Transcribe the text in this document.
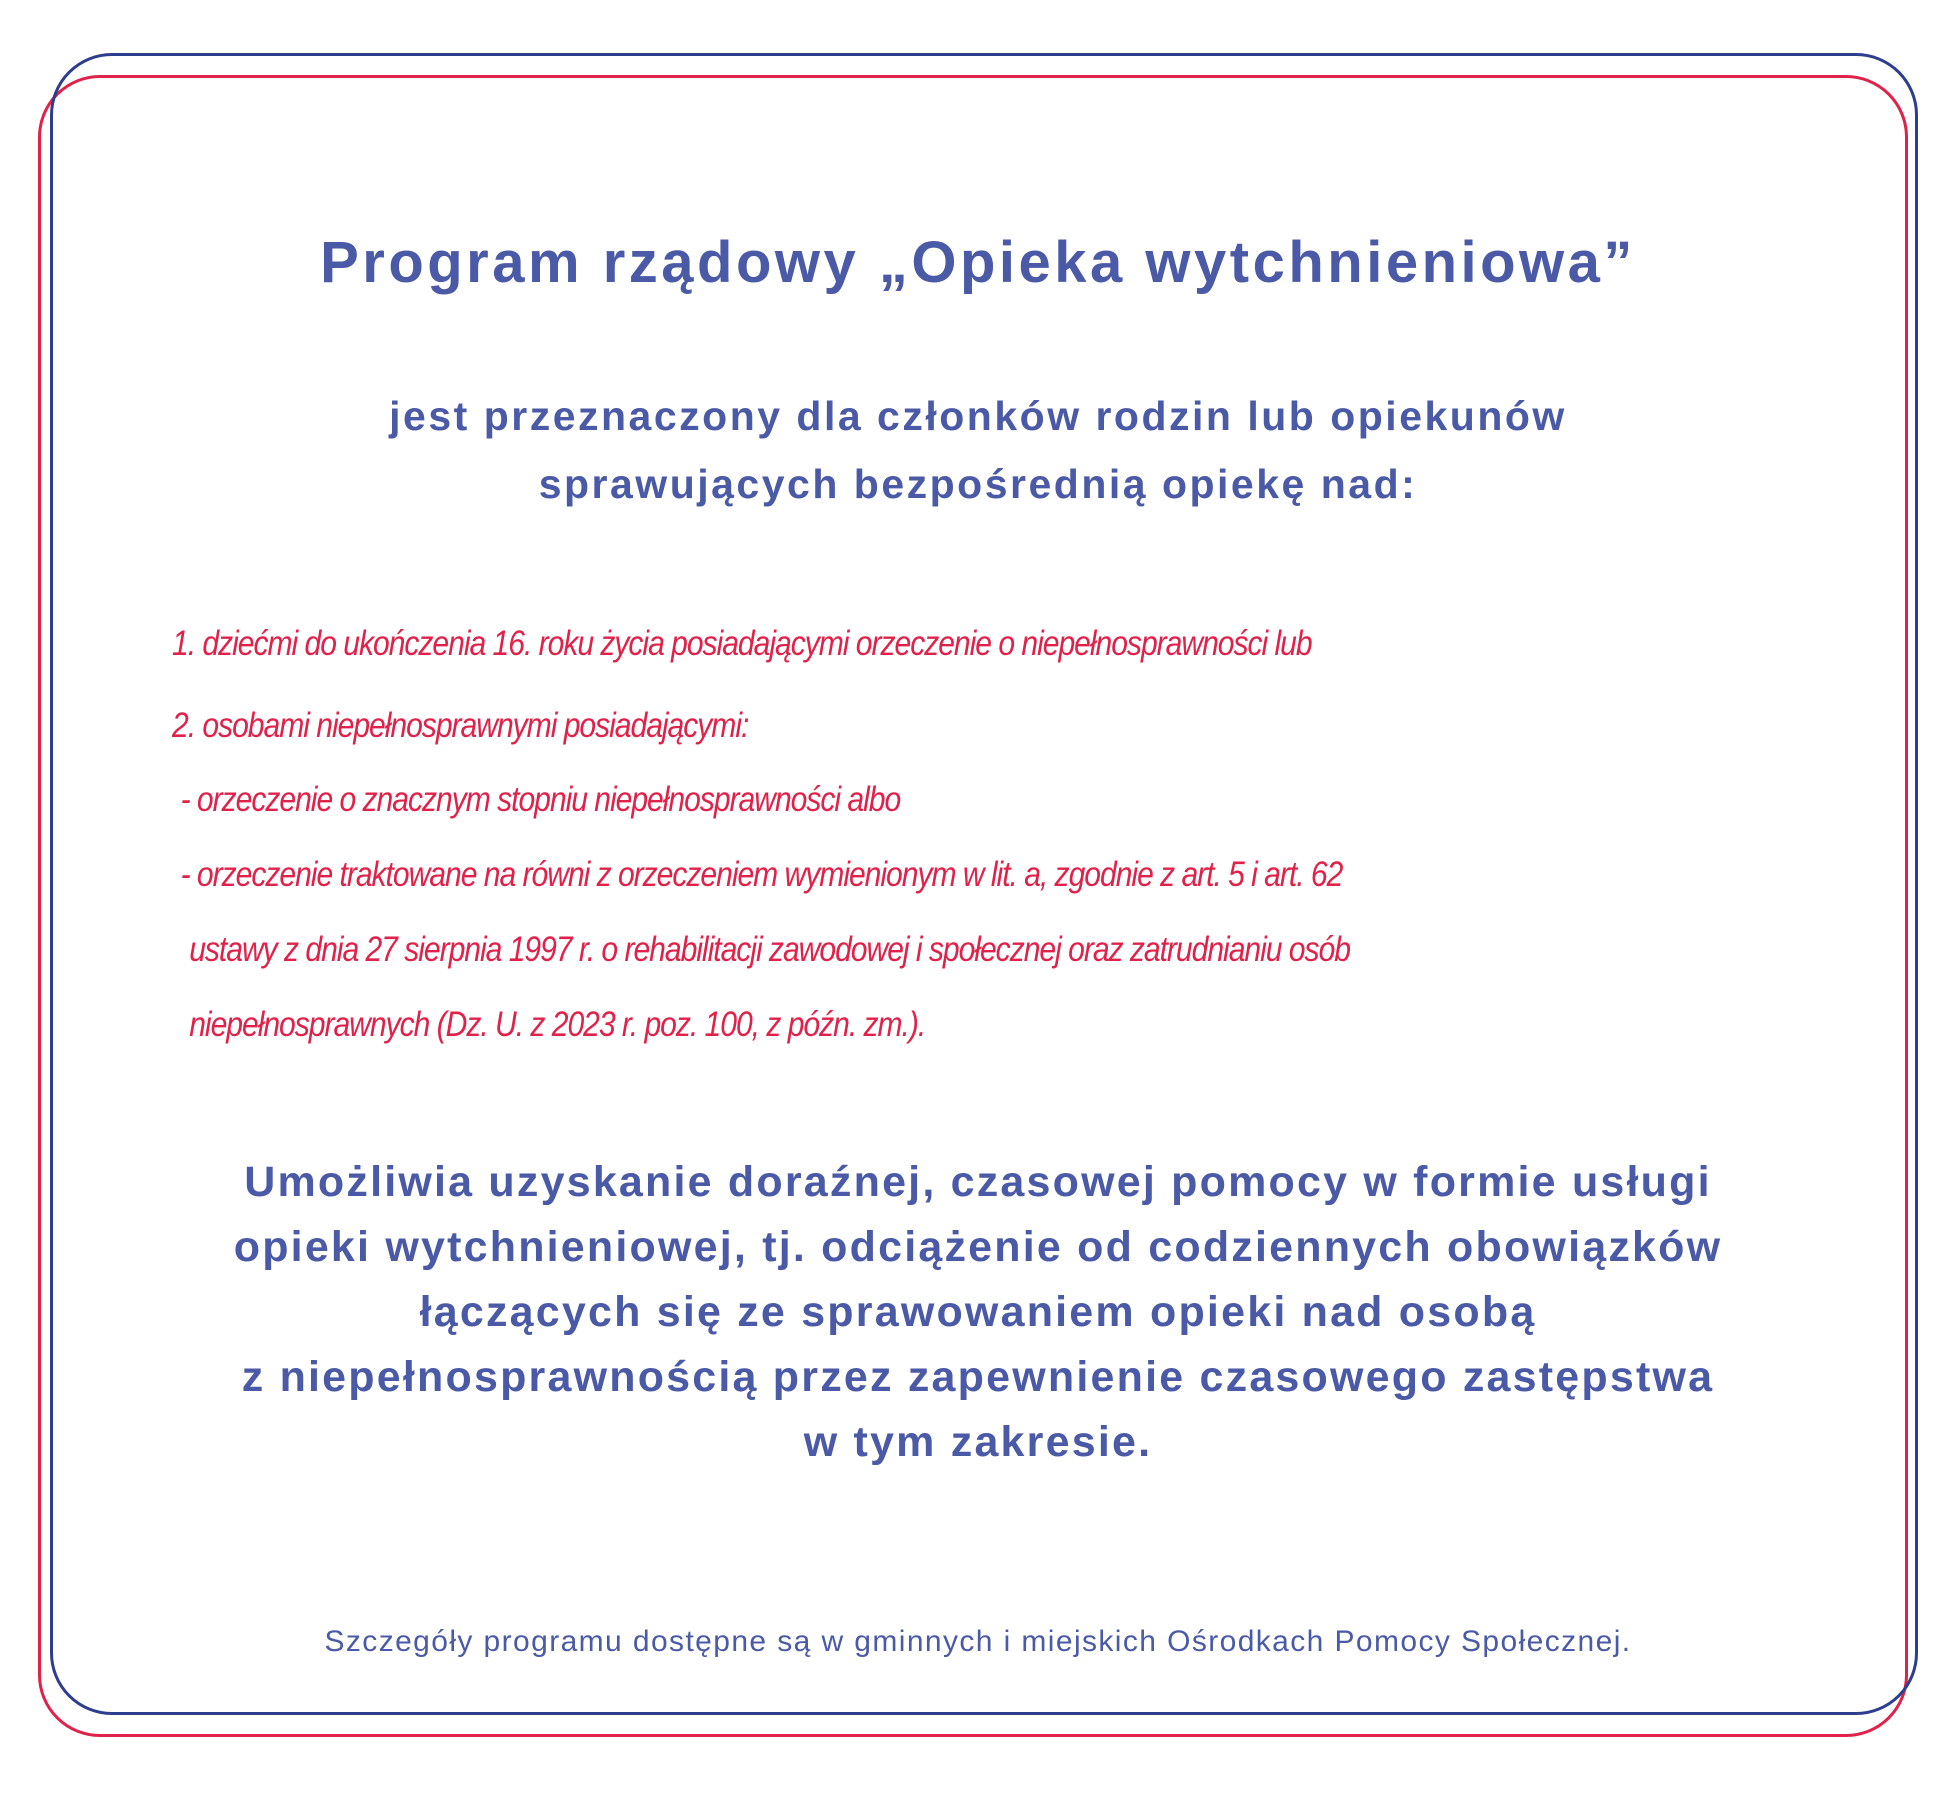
Program rządowy „Opieka wytchnieniowa”
jest przeznaczony dla członków rodzin lub opiekunów
sprawujących bezpośrednią opiekę nad:
1. dziećmi do ukończenia 16. roku życia posiadającymi orzeczenie o niepełnosprawności lub
2. osobami niepełnosprawnymi posiadającymi:
- orzeczenie o znacznym stopniu niepełnosprawności albo
- orzeczenie traktowane na równi z orzeczeniem wymienionym w lit. a, zgodnie z art. 5 i art. 62
ustawy z dnia 27 sierpnia 1997 r. o rehabilitacji zawodowej i społecznej oraz zatrudnianiu osób
niepełnosprawnych (Dz. U. z 2023 r. poz. 100, z późn. zm.).
Umożliwia uzyskanie doraźnej, czasowej pomocy w formie usługi
opieki wytchnieniowej, tj. odciążenie od codziennych obowiązków
łączących się ze sprawowaniem opieki nad osobą
z niepełnosprawnością przez zapewnienie czasowego zastępstwa
w tym zakresie.
Szczegóły programu dostępne są w gminnych i miejskich Ośrodkach Pomocy Społecznej.
